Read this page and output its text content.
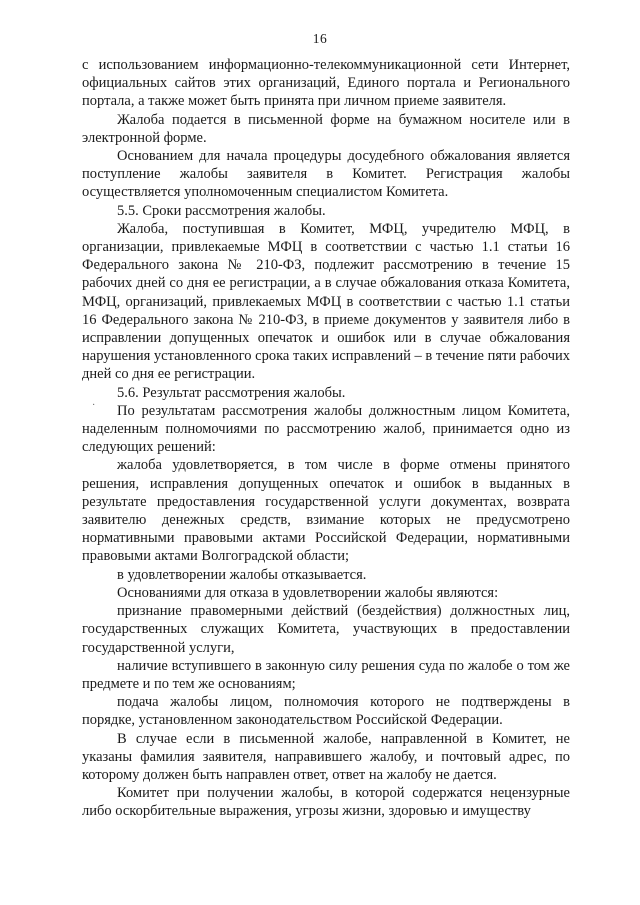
16
·

с использованием информационно-телекоммуникационной сети Интернет, официальных сайтов этих организаций, Единого портала и Регионального портала, а также может быть принята при личном приеме заявителя.

Жалоба подается в письменной форме на бумажном носителе или в электронной форме.

Основанием для начала процедуры досудебного обжалования является поступление жалобы заявителя в Комитет. Регистрация жалобы осуществляется уполномоченным специалистом Комитета.

5.5. Сроки рассмотрения жалобы.

Жалоба, поступившая в Комитет, МФЦ, учредителю МФЦ, в организации, привлекаемые МФЦ в соответствии с частью 1.1 статьи 16 Федерального закона № 210-ФЗ, подлежит рассмотрению в течение 15 рабочих дней со дня ее регистрации, а в случае обжалования отказа Комитета, МФЦ, организаций, привлекаемых МФЦ в соответствии с частью 1.1 статьи 16 Федерального закона № 210-ФЗ, в приеме документов у заявителя либо в исправлении допущенных опечаток и ошибок или в случае обжалования нарушения установленного срока таких исправлений – в течение пяти рабочих дней со дня ее регистрации.

5.6. Результат рассмотрения жалобы.

По результатам рассмотрения жалобы должностным лицом Комитета, наделенным полномочиями по рассмотрению жалоб, принимается одно из следующих решений:

жалоба удовлетворяется, в том числе в форме отмены принятого решения, исправления допущенных опечаток и ошибок в выданных в результате предоставления государственной услуги документах, возврата заявителю денежных средств, взимание которых не предусмотрено нормативными правовыми актами Российской Федерации, нормативными правовыми актами Волгоградской области;

в удовлетворении жалобы отказывается.

Основаниями для отказа в удовлетворении жалобы являются:

признание правомерными действий (бездействия) должностных лиц, государственных служащих Комитета, участвующих в предоставлении государственной услуги,

наличие вступившего в законную силу решения суда по жалобе о том же предмете и по тем же основаниям;

подача жалобы лицом, полномочия которого не подтверждены в порядке, установленном законодательством Российской Федерации.

В случае если в письменной жалобе, направленной в Комитет, не указаны фамилия заявителя, направившего жалобу, и почтовый адрес, по которому должен быть направлен ответ, ответ на жалобу не дается.

Комитет при получении жалобы, в которой содержатся нецензурные либо оскорбительные выражения, угрозы жизни, здоровью и имуществу
